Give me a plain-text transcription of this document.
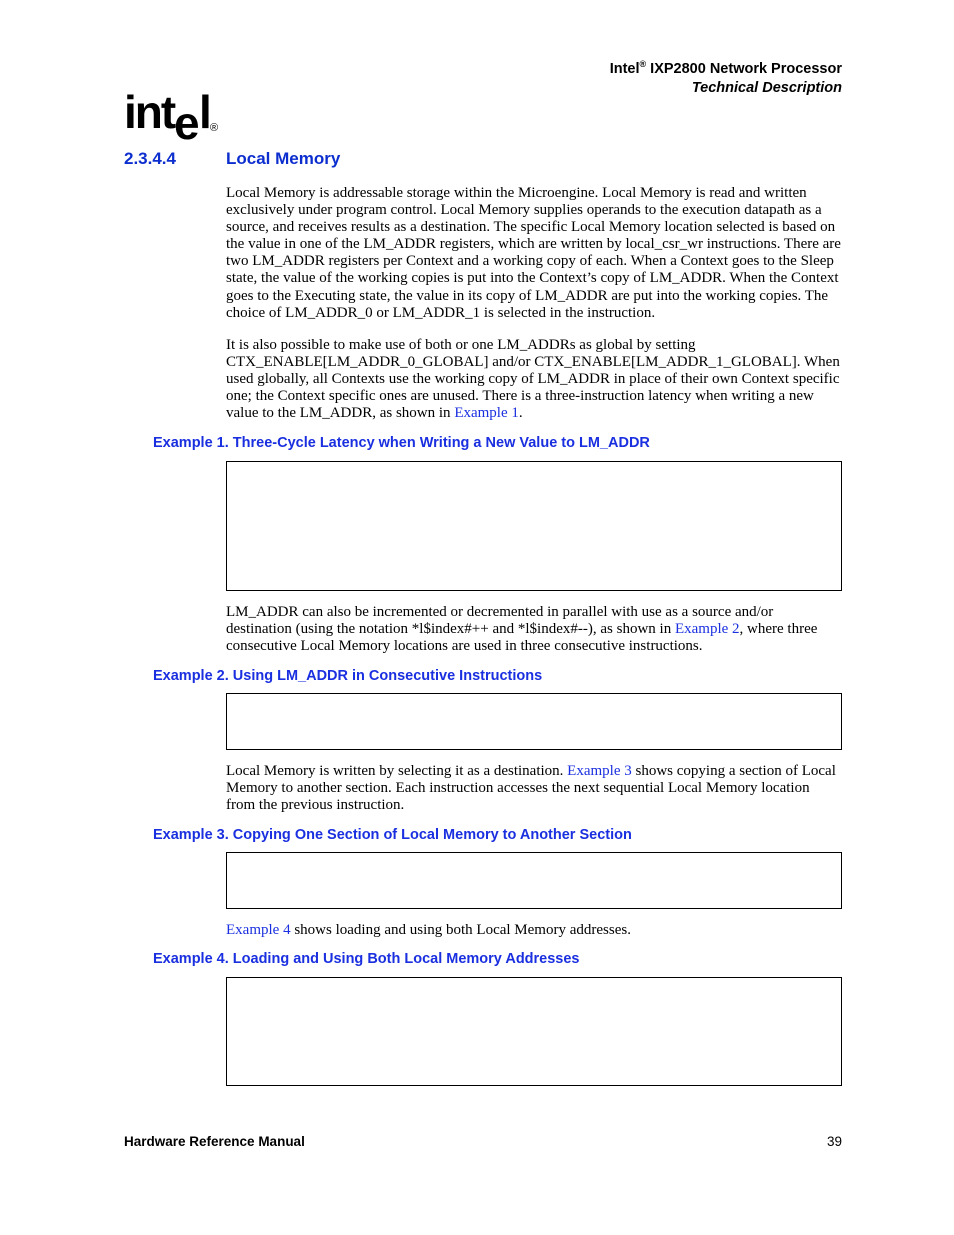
Intel® IXP2800 Network Processor
Technical Description
int e l
®
2.3.4.4	Local Memory

Local Memory is addressable storage within the Microengine. Local Memory is read and written exclusively under program control. Local Memory supplies operands to the execution datapath as a source, and receives results as a destination. The specific Local Memory location selected is based on the value in one of the LM_ADDR registers, which are written by local_csr_wr instructions. There are two LM_ADDR registers per Context and a working copy of each. When a Context goes to the Sleep state, the value of the working copies is put into the Context’s copy of LM_ADDR. When the Context goes to the Executing state, the value in its copy of LM_ADDR are put into the working copies. The choice of LM_ADDR_0 or LM_ADDR_1 is selected in the instruction.

It is also possible to make use of both or one LM_ADDRs as global by setting CTX_ENABLE[LM_ADDR_0_GLOBAL] and/or CTX_ENABLE[LM_ADDR_1_GLOBAL]. When used globally, all Contexts use the working copy of LM_ADDR in place of their own Context specific one; the Context specific ones are unused. There is a three-instruction latency when writing a new value to the LM_ADDR, as shown in Example 1.

Example 1. Three-Cycle Latency when Writing a New Value to LM_ADDR

LM_ADDR can also be incremented or decremented in parallel with use as a source and/or destination (using the notation *l$index#++ and *l$index#--), as shown in Example 2, where three consecutive Local Memory locations are used in three consecutive instructions.

Example 2. Using LM_ADDR in Consecutive Instructions

Local Memory is written by selecting it as a destination. Example 3 shows copying a section of Local Memory to another section. Each instruction accesses the next sequential Local Memory location from the previous instruction.

Example 3. Copying One Section of Local Memory to Another Section

Example 4 shows loading and using both Local Memory addresses.

Example 4. Loading and Using Both Local Memory Addresses
Hardware Reference Manual	39
